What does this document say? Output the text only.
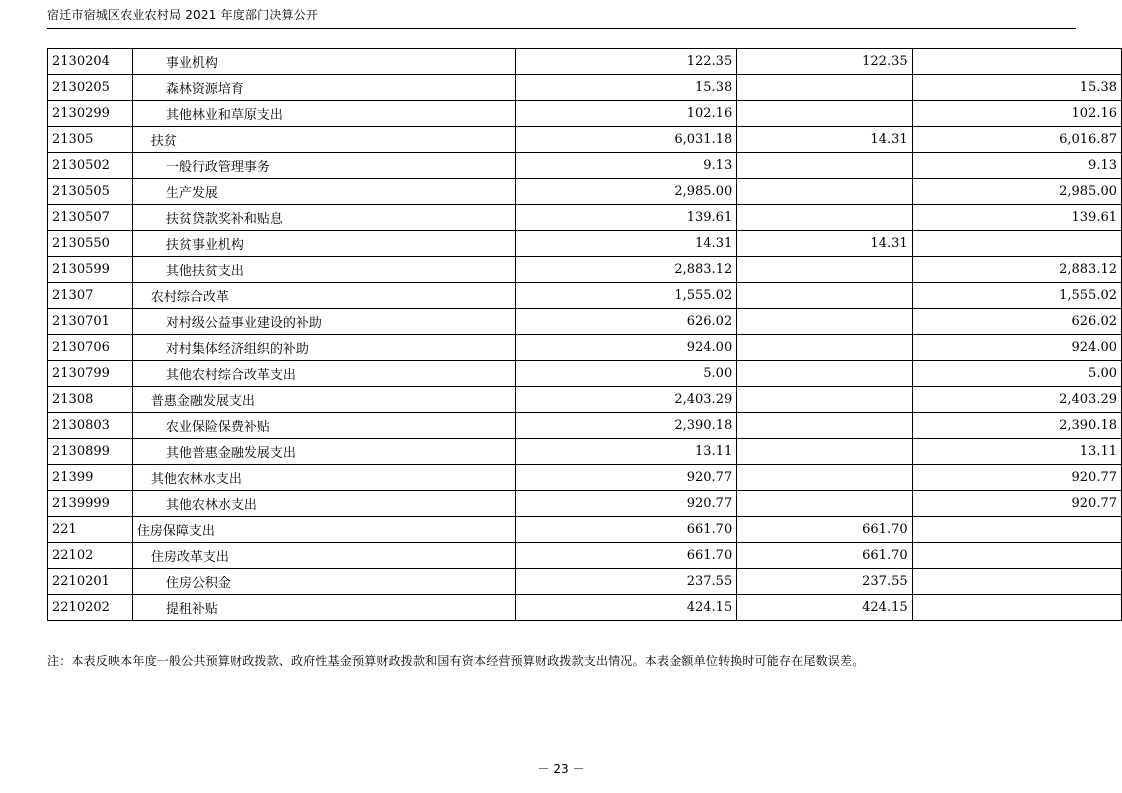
宿迁市宿城区农业农村局 2021 年度部门决算公开
2130204	事业机构	122.35	122.35	
2130205	森林资源培育	15.38		15.38
2130299	其他林业和草原支出	102.16		102.16
21305	扶贫	6,031.18	14.31	6,016.87
2130502	一般行政管理事务	9.13		9.13
2130505	生产发展	2,985.00		2,985.00
2130507	扶贫贷款奖补和贴息	139.61		139.61
2130550	扶贫事业机构	14.31	14.31	
2130599	其他扶贫支出	2,883.12		2,883.12
21307	农村综合改革	1,555.02		1,555.02
2130701	对村级公益事业建设的补助	626.02		626.02
2130706	对村集体经济组织的补助	924.00		924.00
2130799	其他农村综合改革支出	5.00		5.00
21308	普惠金融发展支出	2,403.29		2,403.29
2130803	农业保险保费补贴	2,390.18		2,390.18
2130899	其他普惠金融发展支出	13.11		13.11
21399	其他农林水支出	920.77		920.77
2139999	其他农林水支出	920.77		920.77
221	住房保障支出	661.70	661.70	
22102	住房改革支出	661.70	661.70	
2210201	住房公积金	237.55	237.55	
2210202	提租补贴	424.15	424.15	
注：本表反映本年度一般公共预算财政拨款、政府性基金预算财政拨款和国有资本经营预算财政拨款支出情况。本表金额单位转换时可能存在尾数误差。
－ 23 －
